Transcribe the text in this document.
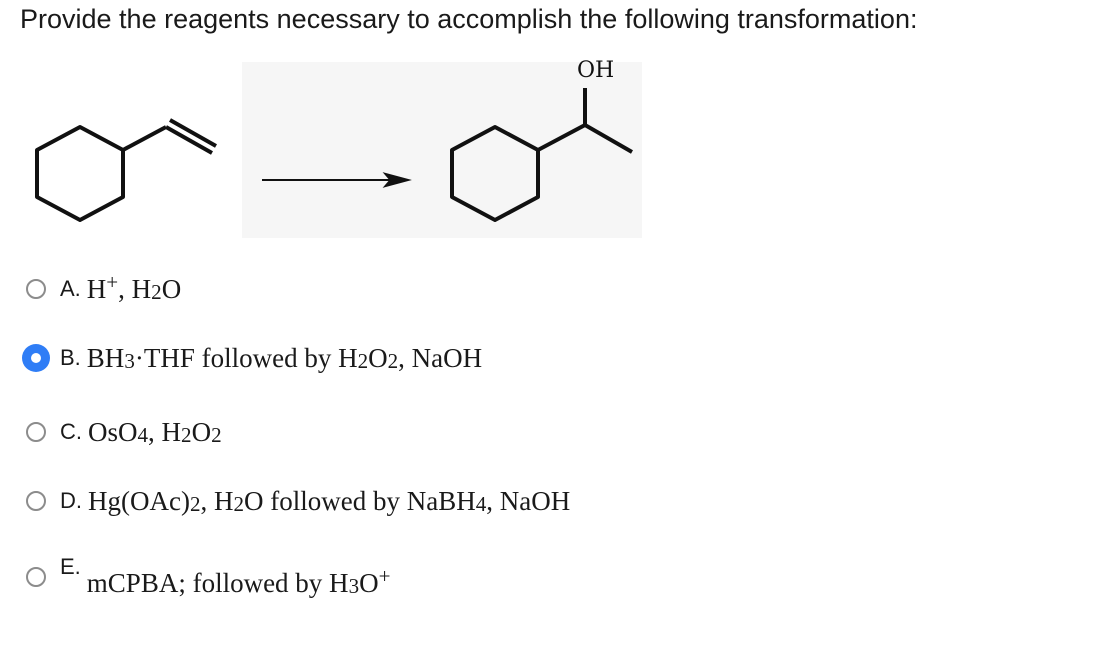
Provide the reagents necessary to accomplish the following transformation:
OH
A. H+, H2O
B. BH3·THF followed by H2O2, NaOH
C. OsO4, H2O2
D. Hg(OAc)2, H2O followed by NaBH4, NaOH
E.
mCPBA; followed by H3O+
